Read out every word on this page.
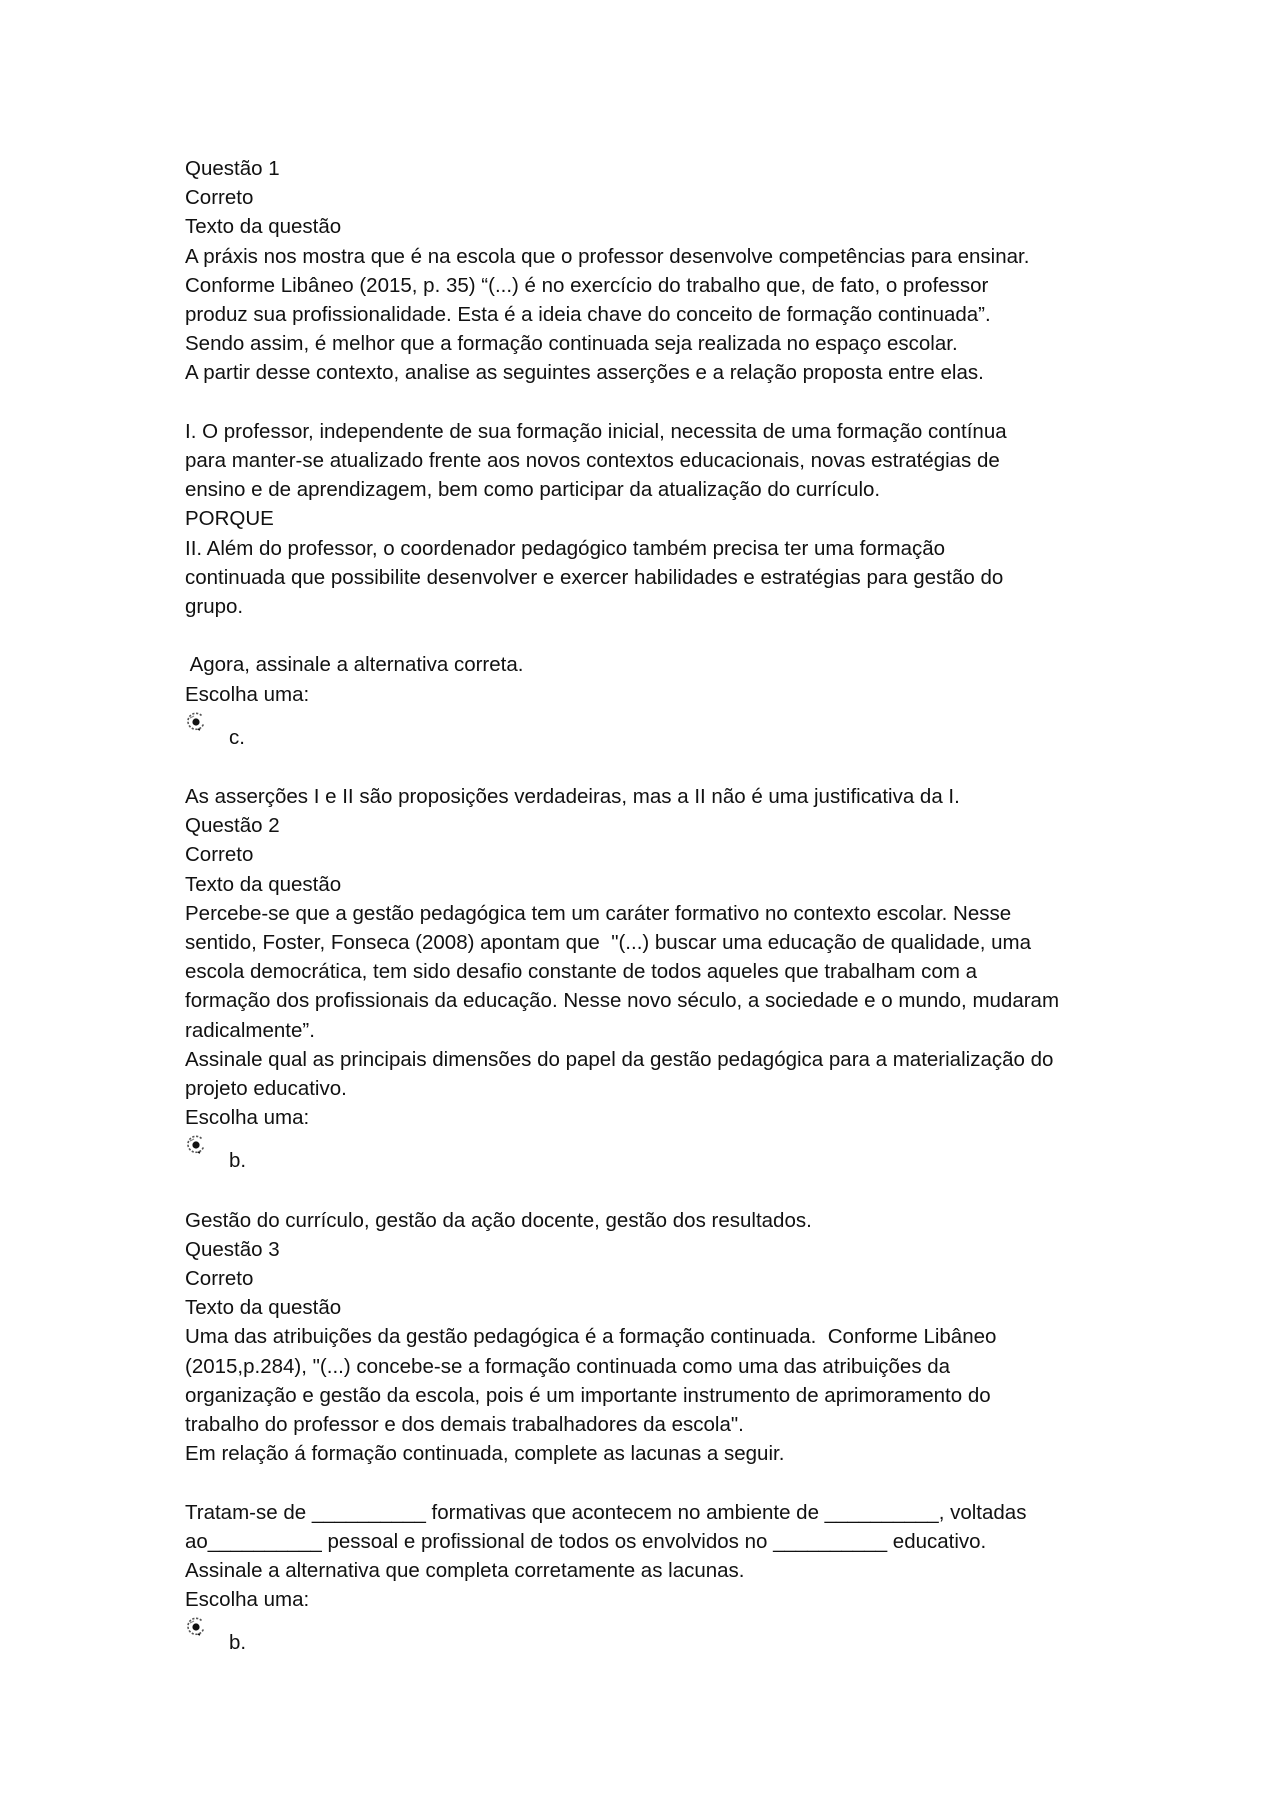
Questão 1
Correto
Texto da questão
A práxis nos mostra que é na escola que o professor desenvolve competências para ensinar.
Conforme Libâneo (2015, p. 35) “(...) é no exercício do trabalho que, de fato, o professor
produz sua profissionalidade. Esta é a ideia chave do conceito de formação continuada”.
Sendo assim, é melhor que a formação continuada seja realizada no espaço escolar.
A partir desse contexto, analise as seguintes asserções e a relação proposta entre elas.
I. O professor, independente de sua formação inicial, necessita de uma formação contínua
para manter-se atualizado frente aos novos contextos educacionais, novas estratégias de
ensino e de aprendizagem, bem como participar da atualização do currículo.
PORQUE
II. Além do professor, o coordenador pedagógico também precisa ter uma formação
continuada que possibilite desenvolver e exercer habilidades e estratégias para gestão do
grupo.
Agora, assinale a alternativa correta.
Escolha uma:
c.
As asserções I e II são proposições verdadeiras, mas a II não é uma justificativa da I.
Questão 2
Correto
Texto da questão
Percebe-se que a gestão pedagógica tem um caráter formativo no contexto escolar. Nesse
sentido, Foster, Fonseca (2008) apontam que  "(...) buscar uma educação de qualidade, uma
escola democrática, tem sido desafio constante de todos aqueles que trabalham com a
formação dos profissionais da educação. Nesse novo século, a sociedade e o mundo, mudaram
radicalmente”.
Assinale qual as principais dimensões do papel da gestão pedagógica para a materialização do
projeto educativo.
Escolha uma:
b.
Gestão do currículo, gestão da ação docente, gestão dos resultados.
Questão 3
Correto
Texto da questão
Uma das atribuições da gestão pedagógica é a formação continuada.  Conforme Libâneo
(2015,p.284), "(...) concebe-se a formação continuada como uma das atribuições da
organização e gestão da escola, pois é um importante instrumento de aprimoramento do
trabalho do professor e dos demais trabalhadores da escola".
Em relação á formação continuada, complete as lacunas a seguir.
Tratam-se de __________ formativas que acontecem no ambiente de __________, voltadas
ao__________ pessoal e profissional de todos os envolvidos no __________ educativo.
Assinale a alternativa que completa corretamente as lacunas.
Escolha uma:
b.
